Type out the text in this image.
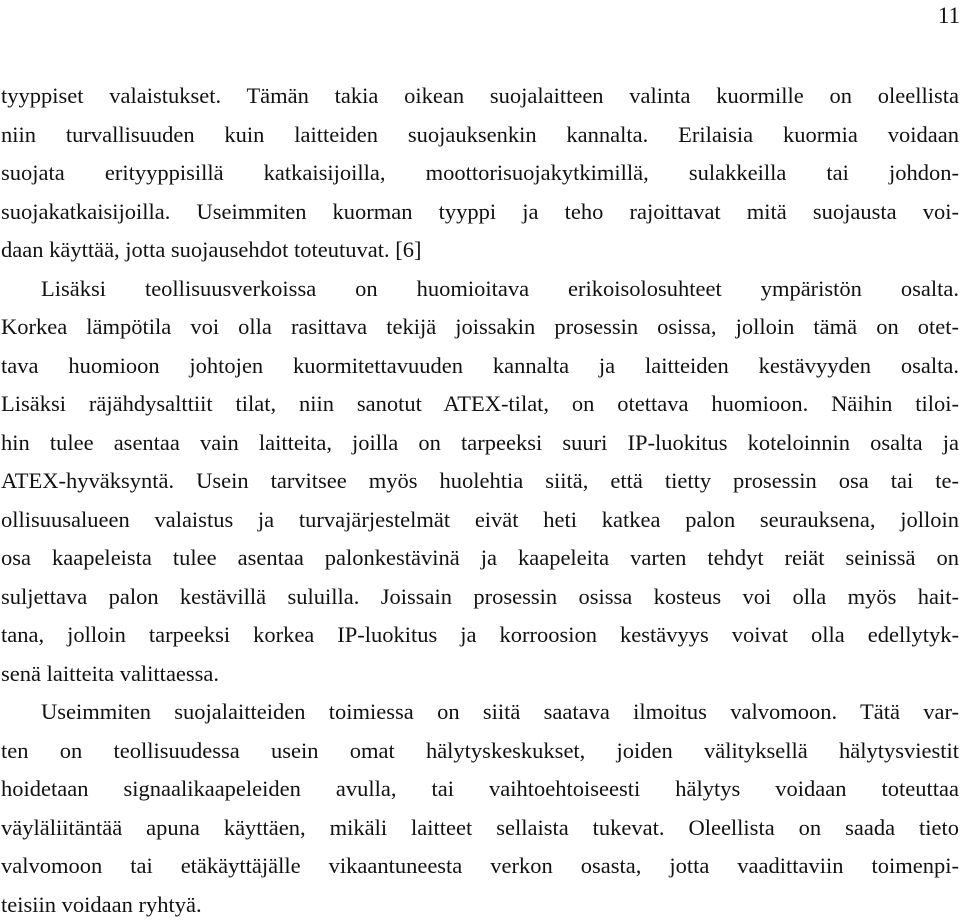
11
tyyppiset valaistukset. Tämän takia oikean suojalaitteen valinta kuormille on oleellista
niin turvallisuuden kuin laitteiden suojauksenkin kannalta. Erilaisia kuormia voidaan
suojata erityyppisillä katkaisijoilla, moottorisuojakytkimillä, sulakkeilla tai johdon-
suojakatkaisijoilla. Useimmiten kuorman tyyppi ja teho rajoittavat mitä suojausta voi-
daan käyttää, jotta suojausehdot toteutuvat. [6]
Lisäksi teollisuusverkoissa on huomioitava erikoisolosuhteet ympäristön osalta.
Korkea lämpötila voi olla rasittava tekijä joissakin prosessin osissa, jolloin tämä on otet-
tava huomioon johtojen kuormitettavuuden kannalta ja laitteiden kestävyyden osalta.
Lisäksi räjähdysalttiit tilat, niin sanotut ATEX-tilat, on otettava huomioon. Näihin tiloi-
hin tulee asentaa vain laitteita, joilla on tarpeeksi suuri IP-luokitus koteloinnin osalta ja
ATEX-hyväksyntä. Usein tarvitsee myös huolehtia siitä, että tietty prosessin osa tai te-
ollisuusalueen valaistus ja turvajärjestelmät eivät heti katkea palon seurauksena, jolloin
osa kaapeleista tulee asentaa palonkestävinä ja kaapeleita varten tehdyt reiät seinissä on
suljettava palon kestävillä suluilla. Joissain prosessin osissa kosteus voi olla myös hait-
tana, jolloin tarpeeksi korkea IP-luokitus ja korroosion kestävyys voivat olla edellytyk-
senä laitteita valittaessa.
Useimmiten suojalaitteiden toimiessa on siitä saatava ilmoitus valvomoon. Tätä var-
ten on teollisuudessa usein omat hälytyskeskukset, joiden välityksellä hälytysviestit
hoidetaan signaalikaapeleiden avulla, tai vaihtoehtoiseesti hälytys voidaan toteuttaa
väyläliitäntää apuna käyttäen, mikäli laitteet sellaista tukevat. Oleellista on saada tieto
valvomoon tai etäkäyttäjälle vikaantuneesta verkon osasta, jotta vaadittaviin toimenpi-
teisiin voidaan ryhtyä.
